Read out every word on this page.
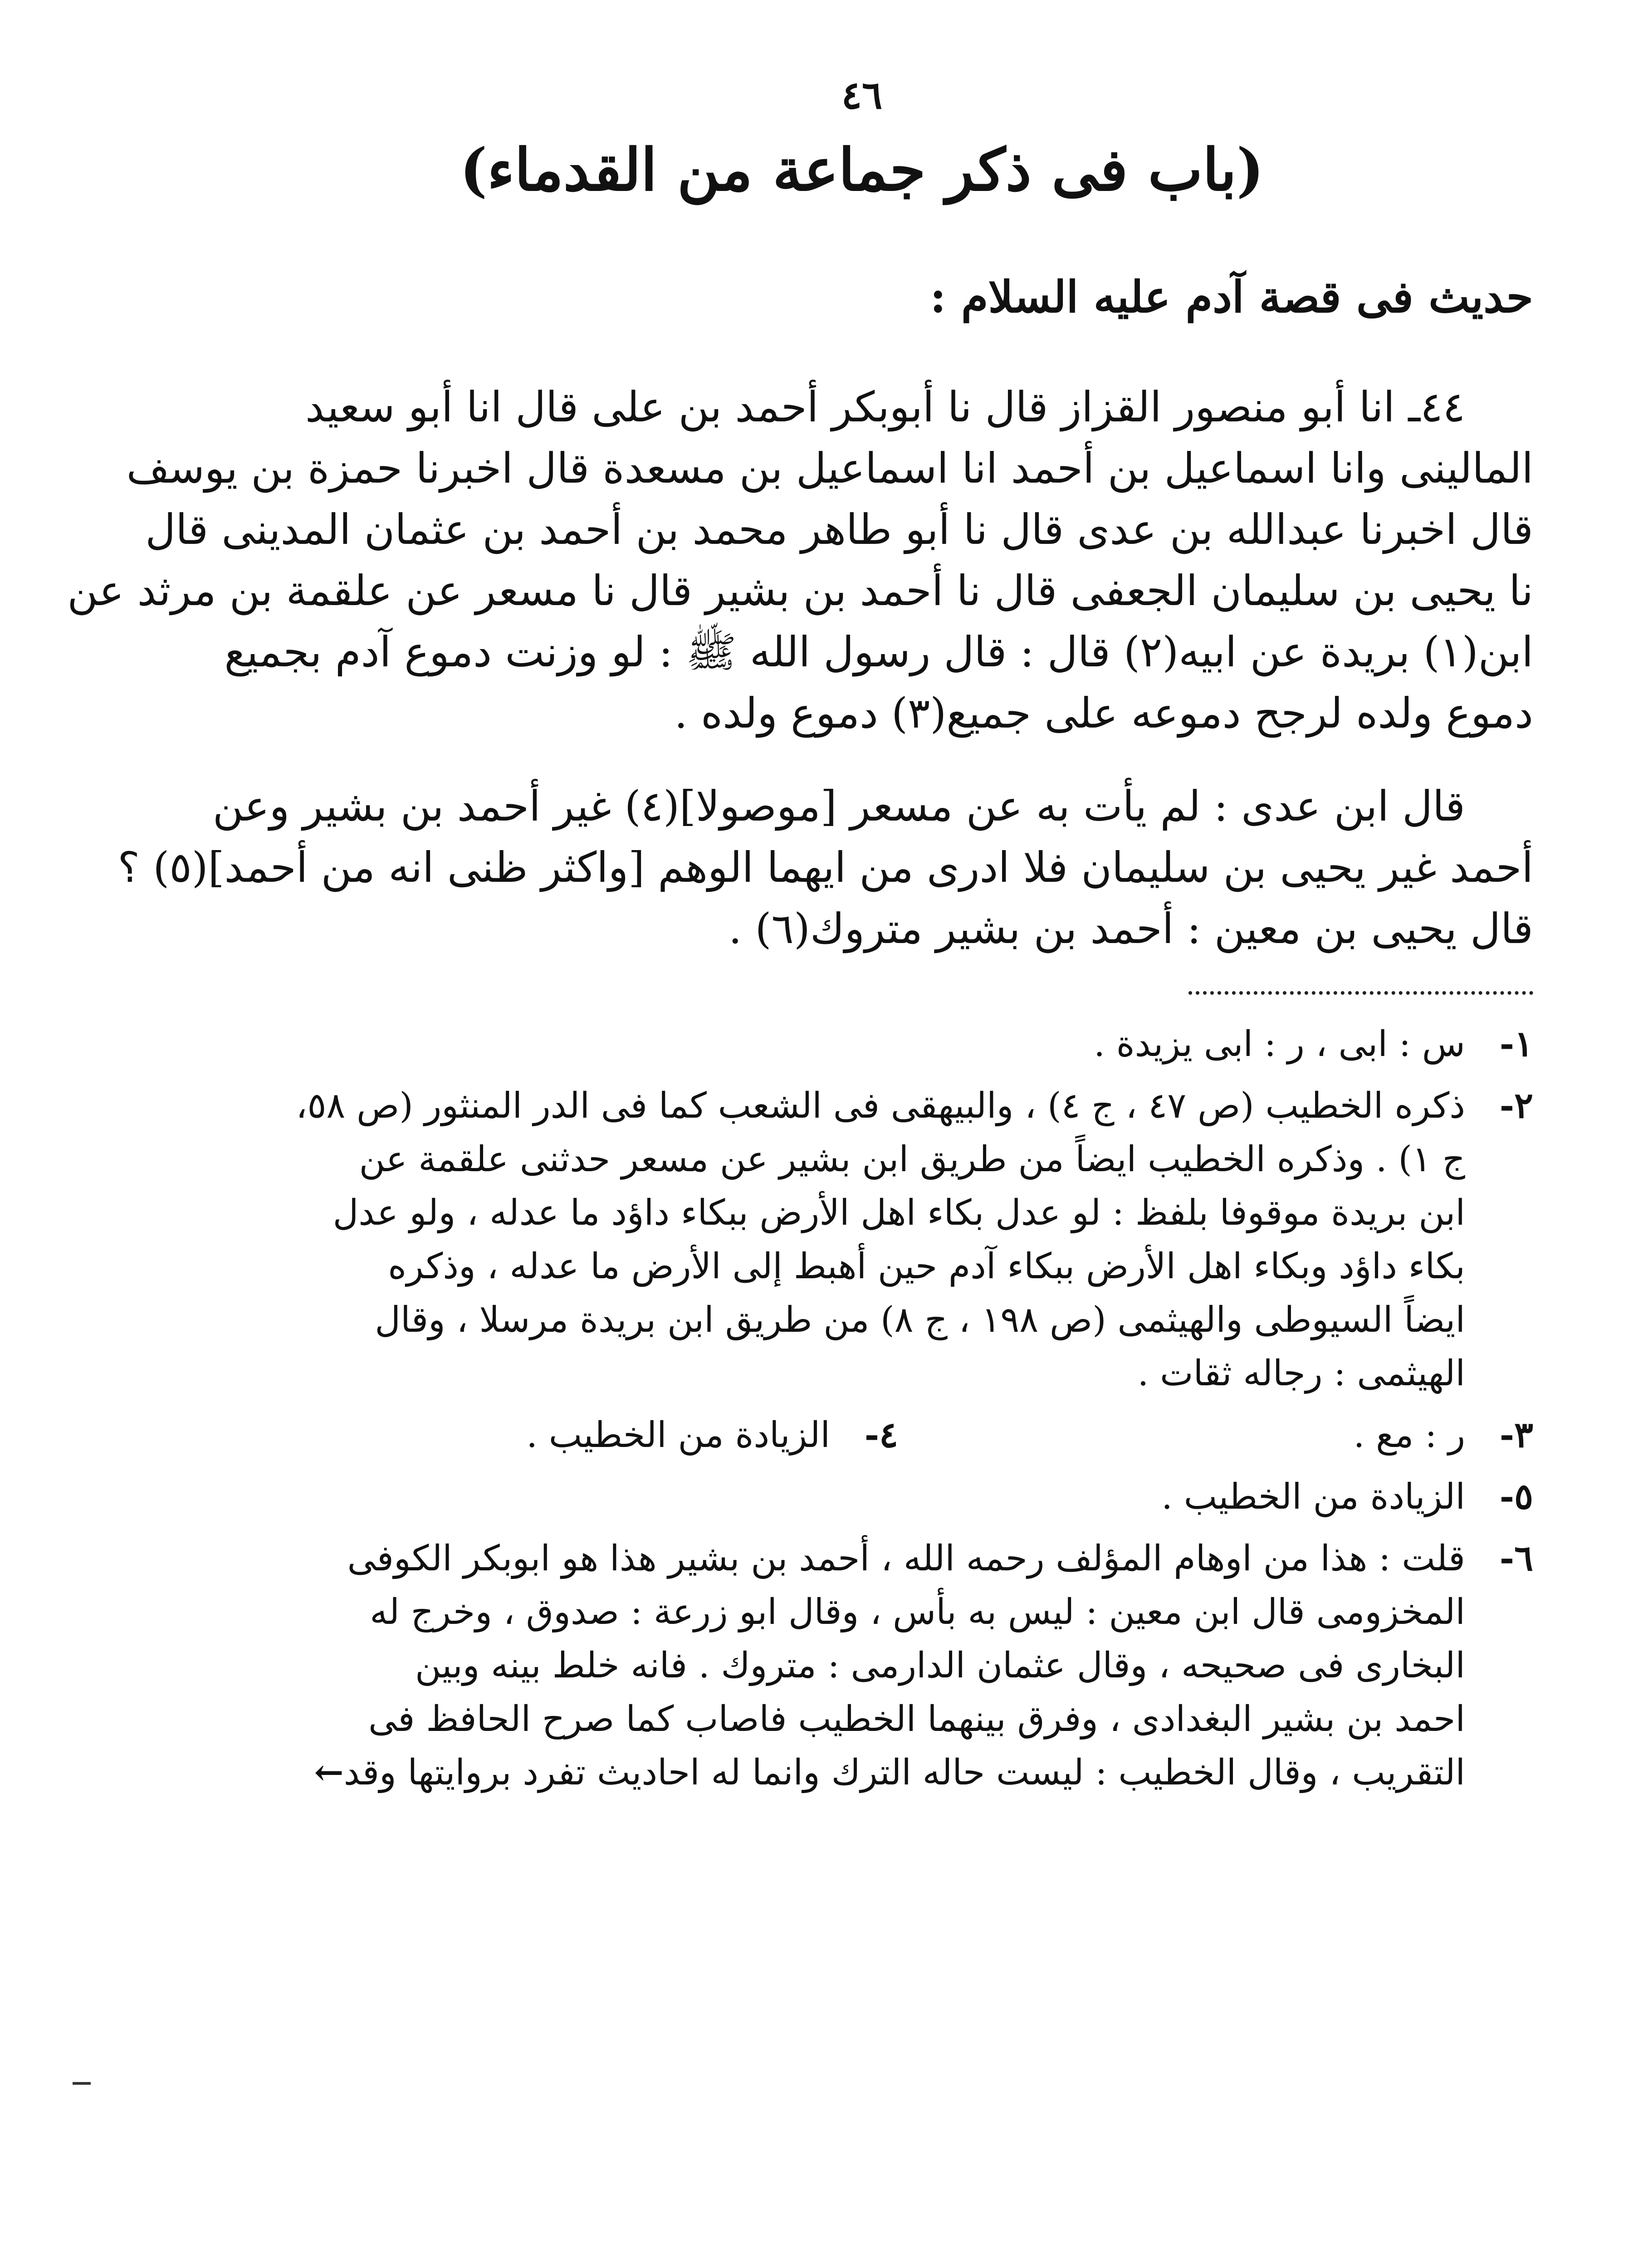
٤٦
(باب فى ذكر جماعة من القدماء)
حديث فى قصة آدم عليه السلام :
٤٤ـ انا أبو منصور القزاز قال نا أبوبكر أحمد بن على قال انا أبو سعيد
المالينى وانا اسماعيل بن أحمد انا اسماعيل بن مسعدة قال اخبرنا حمزة بن يوسف
قال اخبرنا عبدالله بن عدى قال نا أبو طاهر محمد بن أحمد بن عثمان المدينى قال
نا يحيى بن سليمان الجعفى قال نا أحمد بن بشير قال نا مسعر عن علقمة بن مرثد عن
ابن(١) بريدة عن ابيه(٢) قال : قال رسول الله ﷺ : لو وزنت دموع آدم بجميع
دموع ولده لرجح دموعه على جميع(٣) دموع ولده .
قال ابن عدى : لم يأت به عن مسعر [موصولا](٤) غير أحمد بن بشير وعن
أحمد غير يحيى بن سليمان فلا ادرى من ايهما الوهم [واكثر ظنى انه من أحمد](٥) ؟
قال يحيى بن معين : أحمد بن بشير متروك(٦) .
١-
س : ابى ، ر : ابى يزيدة .
٢-
ذكره الخطيب (ص ٤٧ ، ج ٤) ، والبيهقى فى الشعب كما فى الدر المنثور (ص ٥٨،
ج ١) . وذكره الخطيب ايضاً من طريق ابن بشير عن مسعر حدثنى علقمة عن
ابن بريدة موقوفا بلفظ : لو عدل بكاء اهل الأرض ببكاء داؤد ما عدله ، ولو عدل
بكاء داؤد وبكاء اهل الأرض ببكاء آدم حين أهبط إلى الأرض ما عدله ، وذكره
ايضاً السيوطى والهيثمى (ص ١٩٨ ، ج ٨) من طريق ابن بريدة مرسلا ، وقال
الهيثمى : رجاله ثقات .
٣-
ر : مع .
٤-
الزيادة من الخطيب .
٥-
الزيادة من الخطيب .
٦-
قلت : هذا من اوهام المؤلف رحمه الله ، أحمد بن بشير هذا هو ابوبكر الكوفى
المخزومى قال ابن معين : ليس به بأس ، وقال ابو زرعة : صدوق ، وخرج له
البخارى فى صحيحه ، وقال عثمان الدارمى : متروك . فانه خلط بينه وبين
احمد بن بشير البغدادى ، وفرق بينهما الخطيب فاصاب كما صرح الحافظ فى
التقريب ، وقال الخطيب : ليست حاله الترك وانما له احاديث تفرد بروايتها وقد←
